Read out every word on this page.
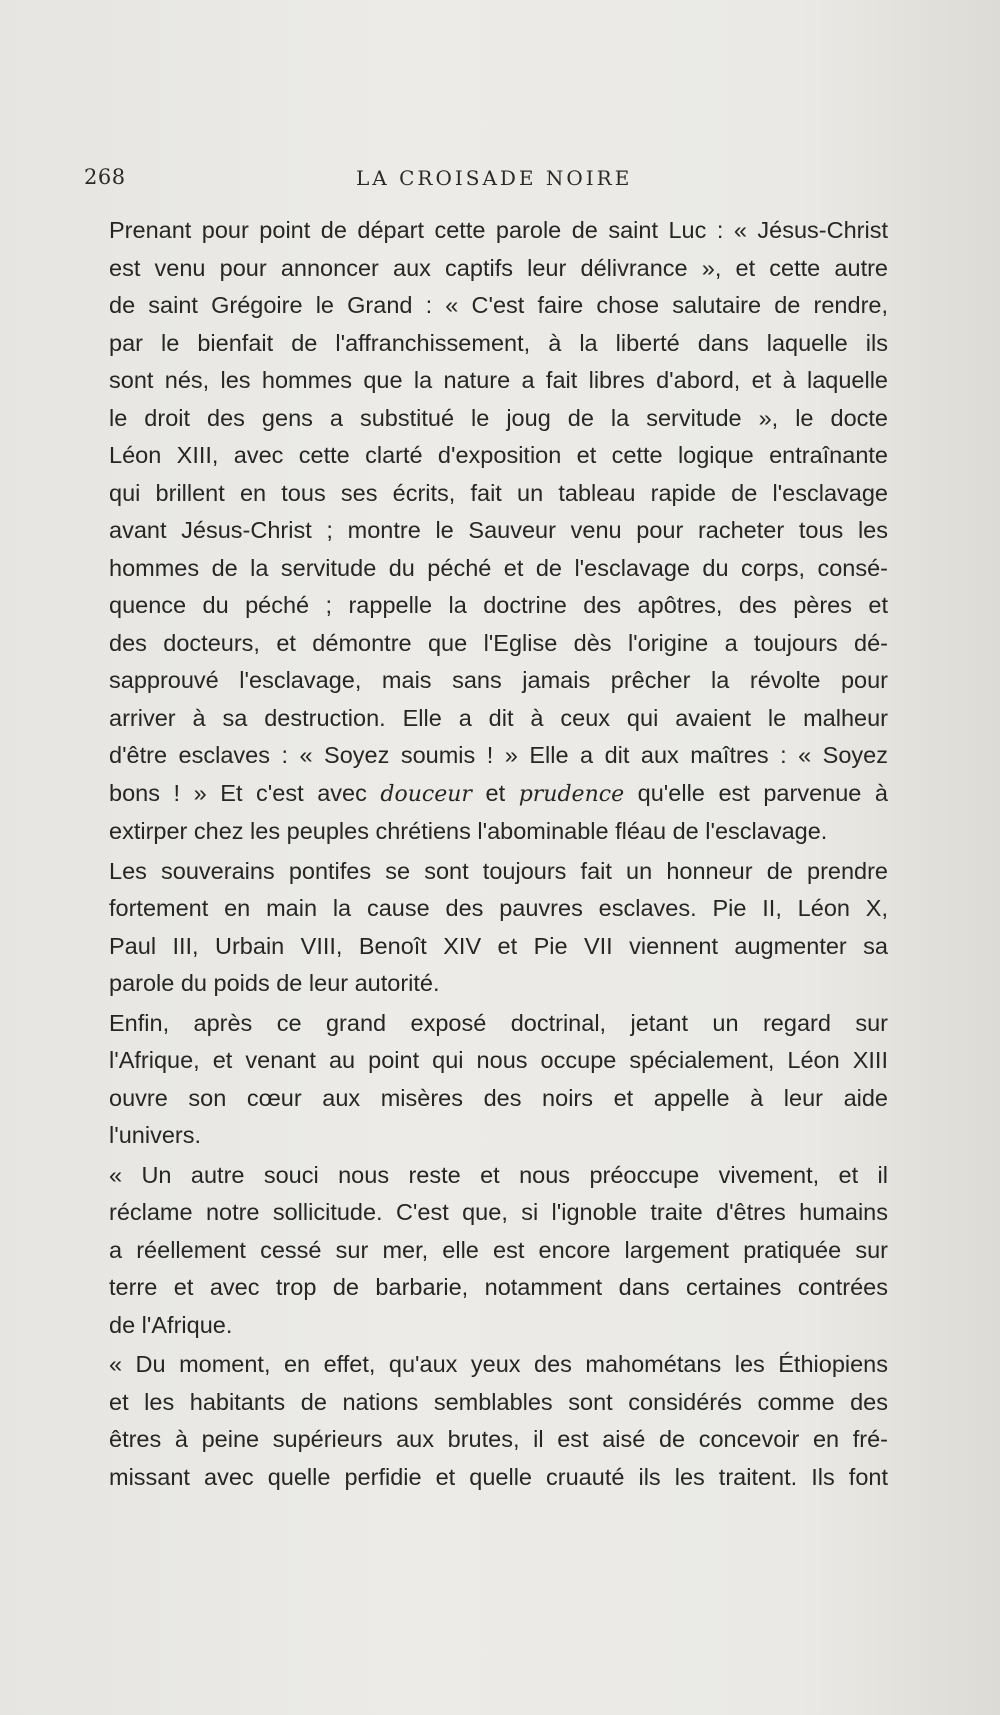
268	LA CROISADE NOIRE

Prenant pour point de départ cette parole de saint Luc : « Jésus-Christ
est venu pour annoncer aux captifs leur délivrance », et cette autre
de saint Grégoire le Grand : « C'est faire chose salutaire de rendre,
par le bienfait de l'affranchissement, à la liberté dans laquelle ils
sont nés, les hommes que la nature a fait libres d'abord, et à laquelle
le droit des gens a substitué le joug de la servitude », le docte
Léon XIII, avec cette clarté d'exposition et cette logique entraînante
qui brillent en tous ses écrits, fait un tableau rapide de l'esclavage
avant Jésus-Christ ; montre le Sauveur venu pour racheter tous les
hommes de la servitude du péché et de l'esclavage du corps, consé-
quence du péché ; rappelle la doctrine des apôtres, des pères et
des docteurs, et démontre que l'Eglise dès l'origine a toujours dé-
sapprouvé l'esclavage, mais sans jamais prêcher la révolte pour
arriver à sa destruction. Elle a dit à ceux qui avaient le malheur
d'être esclaves : « Soyez soumis ! » Elle a dit aux maîtres : « Soyez
bons ! » Et c'est avec douceur et prudence qu'elle est parvenue à
extirper chez les peuples chrétiens l'abominable fléau de l'esclavage.

Les souverains pontifes se sont toujours fait un honneur de prendre
fortement en main la cause des pauvres esclaves. Pie II, Léon X,
Paul III, Urbain VIII, Benoît XIV et Pie VII viennent augmenter sa
parole du poids de leur autorité.

Enfin, après ce grand exposé doctrinal, jetant un regard sur
l'Afrique, et venant au point qui nous occupe spécialement, Léon XIII
ouvre son cœur aux misères des noirs et appelle à leur aide
l'univers.

« Un autre souci nous reste et nous préoccupe vivement, et il
réclame notre sollicitude. C'est que, si l'ignoble traite d'êtres humains
a réellement cessé sur mer, elle est encore largement pratiquée sur
terre et avec trop de barbarie, notamment dans certaines contrées
de l'Afrique.

« Du moment, en effet, qu'aux yeux des mahométans les Éthiopiens
et les habitants de nations semblables sont considérés comme des
êtres à peine supérieurs aux brutes, il est aisé de concevoir en fré-
missant avec quelle perfidie et quelle cruauté ils les traitent. Ils font
